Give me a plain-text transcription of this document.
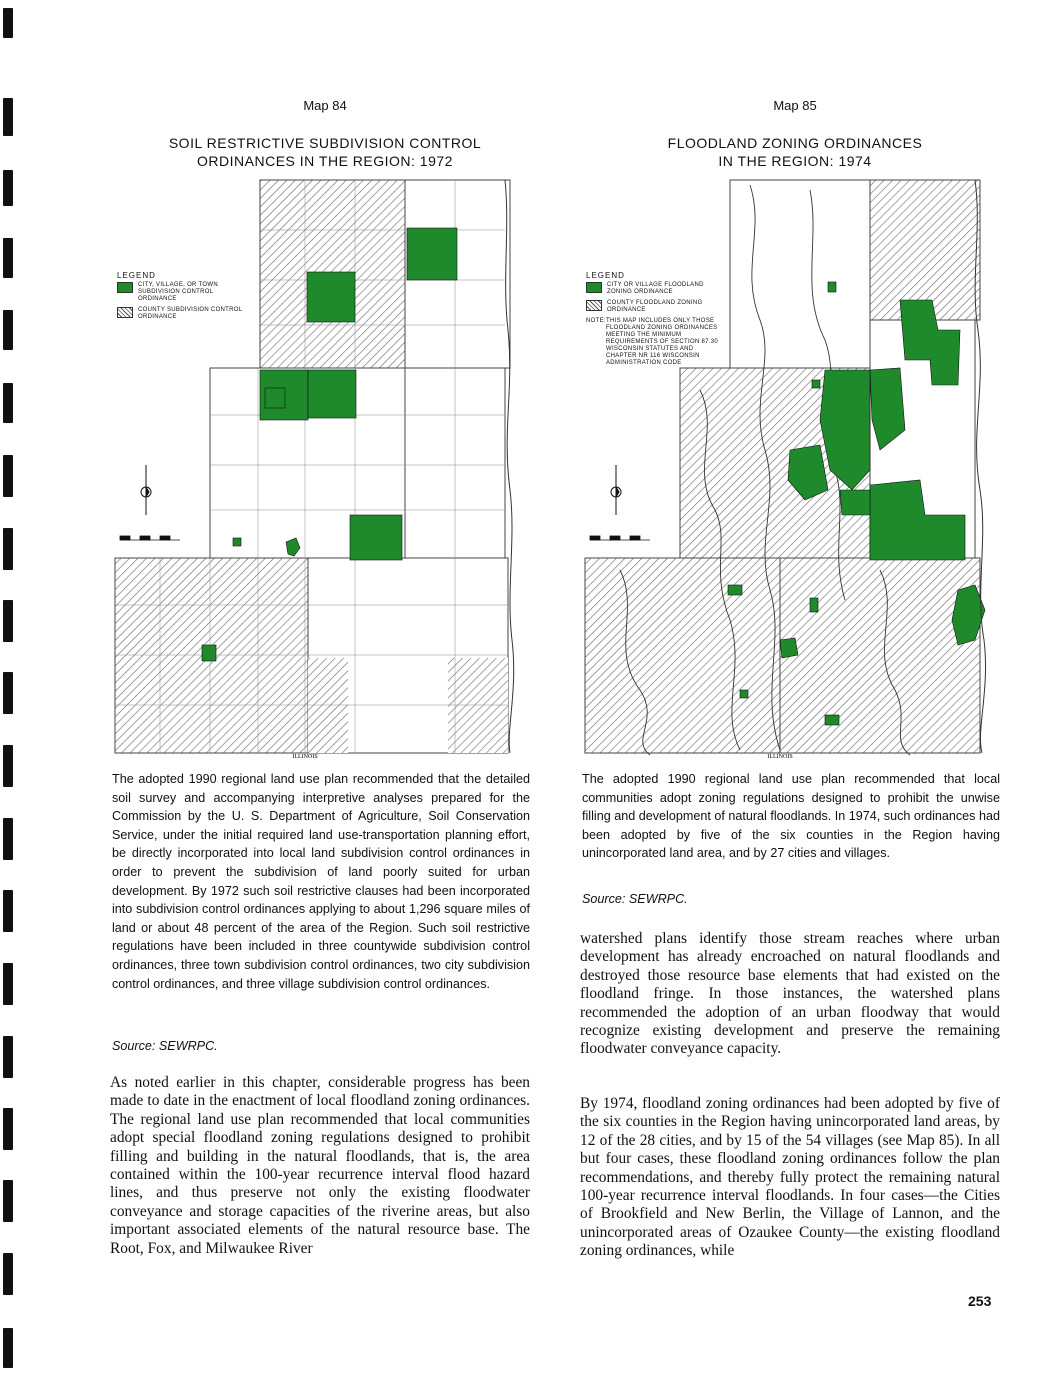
Map 84
SOIL RESTRICTIVE SUBDIVISION CONTROL
ORDINANCES IN THE REGION: 1972
ILLINOIS
LEGEND
CITY, VILLAGE, OR TOWN SUBDIVISION CONTROL ORDINANCE
COUNTY SUBDIVISION CONTROL ORDINANCE
Map 85
FLOODLAND ZONING ORDINANCES
IN THE REGION: 1974
ILLINOIS
LEGEND
CITY OR VILLAGE FLOODLAND ZONING ORDINANCE
COUNTY FLOODLAND ZONING ORDINANCE
NOTE: THIS MAP INCLUDES ONLY THOSE FLOODLAND ZONING ORDINANCES MEETING THE MINIMUM REQUIREMENTS OF SECTION 87.30 WISCONSIN STATUTES AND CHAPTER NR 116 WISCONSIN ADMINISTRATION CODE
The adopted 1990 regional land use plan recommended that the detailed soil survey and accompanying interpretive analyses prepared for the Commission by the U. S. Department of Agriculture, Soil Conservation Service, under the initial required land use-transportation planning effort, be directly incorporated into local land subdivision control ordinances in order to prevent the subdivision of land poorly suited for urban development. By 1972 such soil restrictive clauses had been incorporated into subdivision control ordinances applying to about 1,296 square miles of land or about 48 percent of the area of the Region. Such soil restrictive regulations have been included in three countywide subdivision control ordinances, three town subdivision control ordinances, two city subdivision control ordinances, and three village subdivision control ordinances.
Source: SEWRPC.
The adopted 1990 regional land use plan recommended that local communities adopt zoning regulations designed to prohibit the unwise filling and development of natural floodlands. In 1974, such ordinances had been adopted by five of the six counties in the Region having unincorporated land area, and by 27 cities and villages.
Source: SEWRPC.
As noted earlier in this chapter, considerable progress has been made to date in the enactment of local floodland zoning ordinances. The regional land use plan recommended that local communities adopt special floodland zoning regulations designed to prohibit filling and building in the natural floodlands, that is, the area contained within the 100-year recurrence interval flood hazard lines, and thus preserve not only the existing floodwater conveyance and storage capacities of the riverine areas, but also important associated elements of the natural resource base. The Root, Fox, and Milwaukee River
watershed plans identify those stream reaches where urban development has already encroached on natural floodlands and destroyed those resource base elements that had existed on the floodland fringe. In those instances, the watershed plans recommended the adoption of an urban floodway that would recognize existing development and preserve the remaining floodwater conveyance capacity.
By 1974, floodland zoning ordinances had been adopted by five of the six counties in the Region having unincorporated land areas, by 12 of the 28 cities, and by 15 of the 54 villages (see Map 85). In all but four cases, these floodland zoning ordinances follow the plan recommendations, and thereby fully protect the remaining natural 100-year recurrence interval floodlands. In four cases—the Cities of Brookfield and New Berlin, the Village of Lannon, and the unincorporated areas of Ozaukee County—the existing floodland zoning ordinances, while
253
